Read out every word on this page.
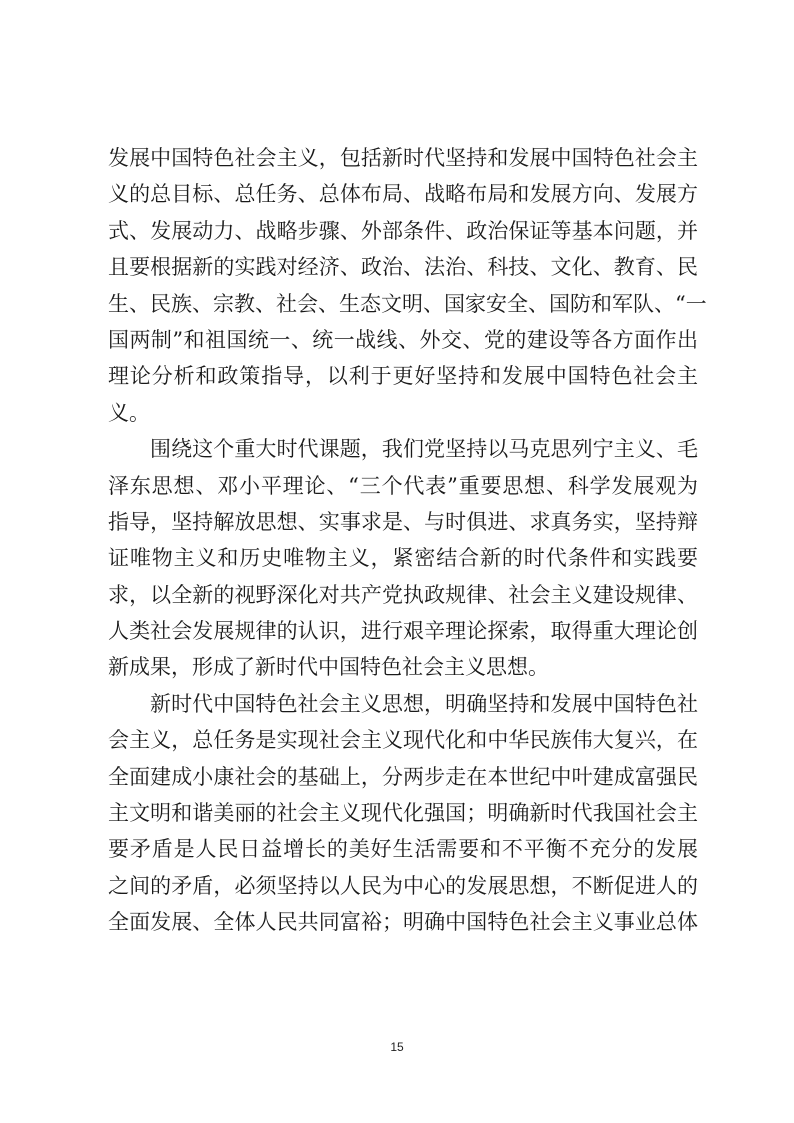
发展中国特色社会主义，包括新时代坚持和发展中国特色社会主
义的总目标、总任务、总体布局、战略布局和发展方向、发展方
式、发展动力、战略步骤、外部条件、政治保证等基本问题，并
且要根据新的实践对经济、政治、法治、科技、文化、教育、民
生、民族、宗教、社会、生态文明、国家安全、国防和军队、“一
国两制”和祖国统一、统一战线、外交、党的建设等各方面作出
理论分析和政策指导，以利于更好坚持和发展中国特色社会主
义。
围绕这个重大时代课题，我们党坚持以马克思列宁主义、毛
泽东思想、邓小平理论、“三个代表”重要思想、科学发展观为
指导，坚持解放思想、实事求是、与时俱进、求真务实，坚持辩
证唯物主义和历史唯物主义，紧密结合新的时代条件和实践要
求，以全新的视野深化对共产党执政规律、社会主义建设规律、
人类社会发展规律的认识，进行艰辛理论探索，取得重大理论创
新成果，形成了新时代中国特色社会主义思想。
新时代中国特色社会主义思想，明确坚持和发展中国特色社
会主义，总任务是实现社会主义现代化和中华民族伟大复兴，在
全面建成小康社会的基础上，分两步走在本世纪中叶建成富强民
主文明和谐美丽的社会主义现代化强国；明确新时代我国社会主
要矛盾是人民日益增长的美好生活需要和不平衡不充分的发展
之间的矛盾，必须坚持以人民为中心的发展思想，不断促进人的
全面发展、全体人民共同富裕；明确中国特色社会主义事业总体
15
